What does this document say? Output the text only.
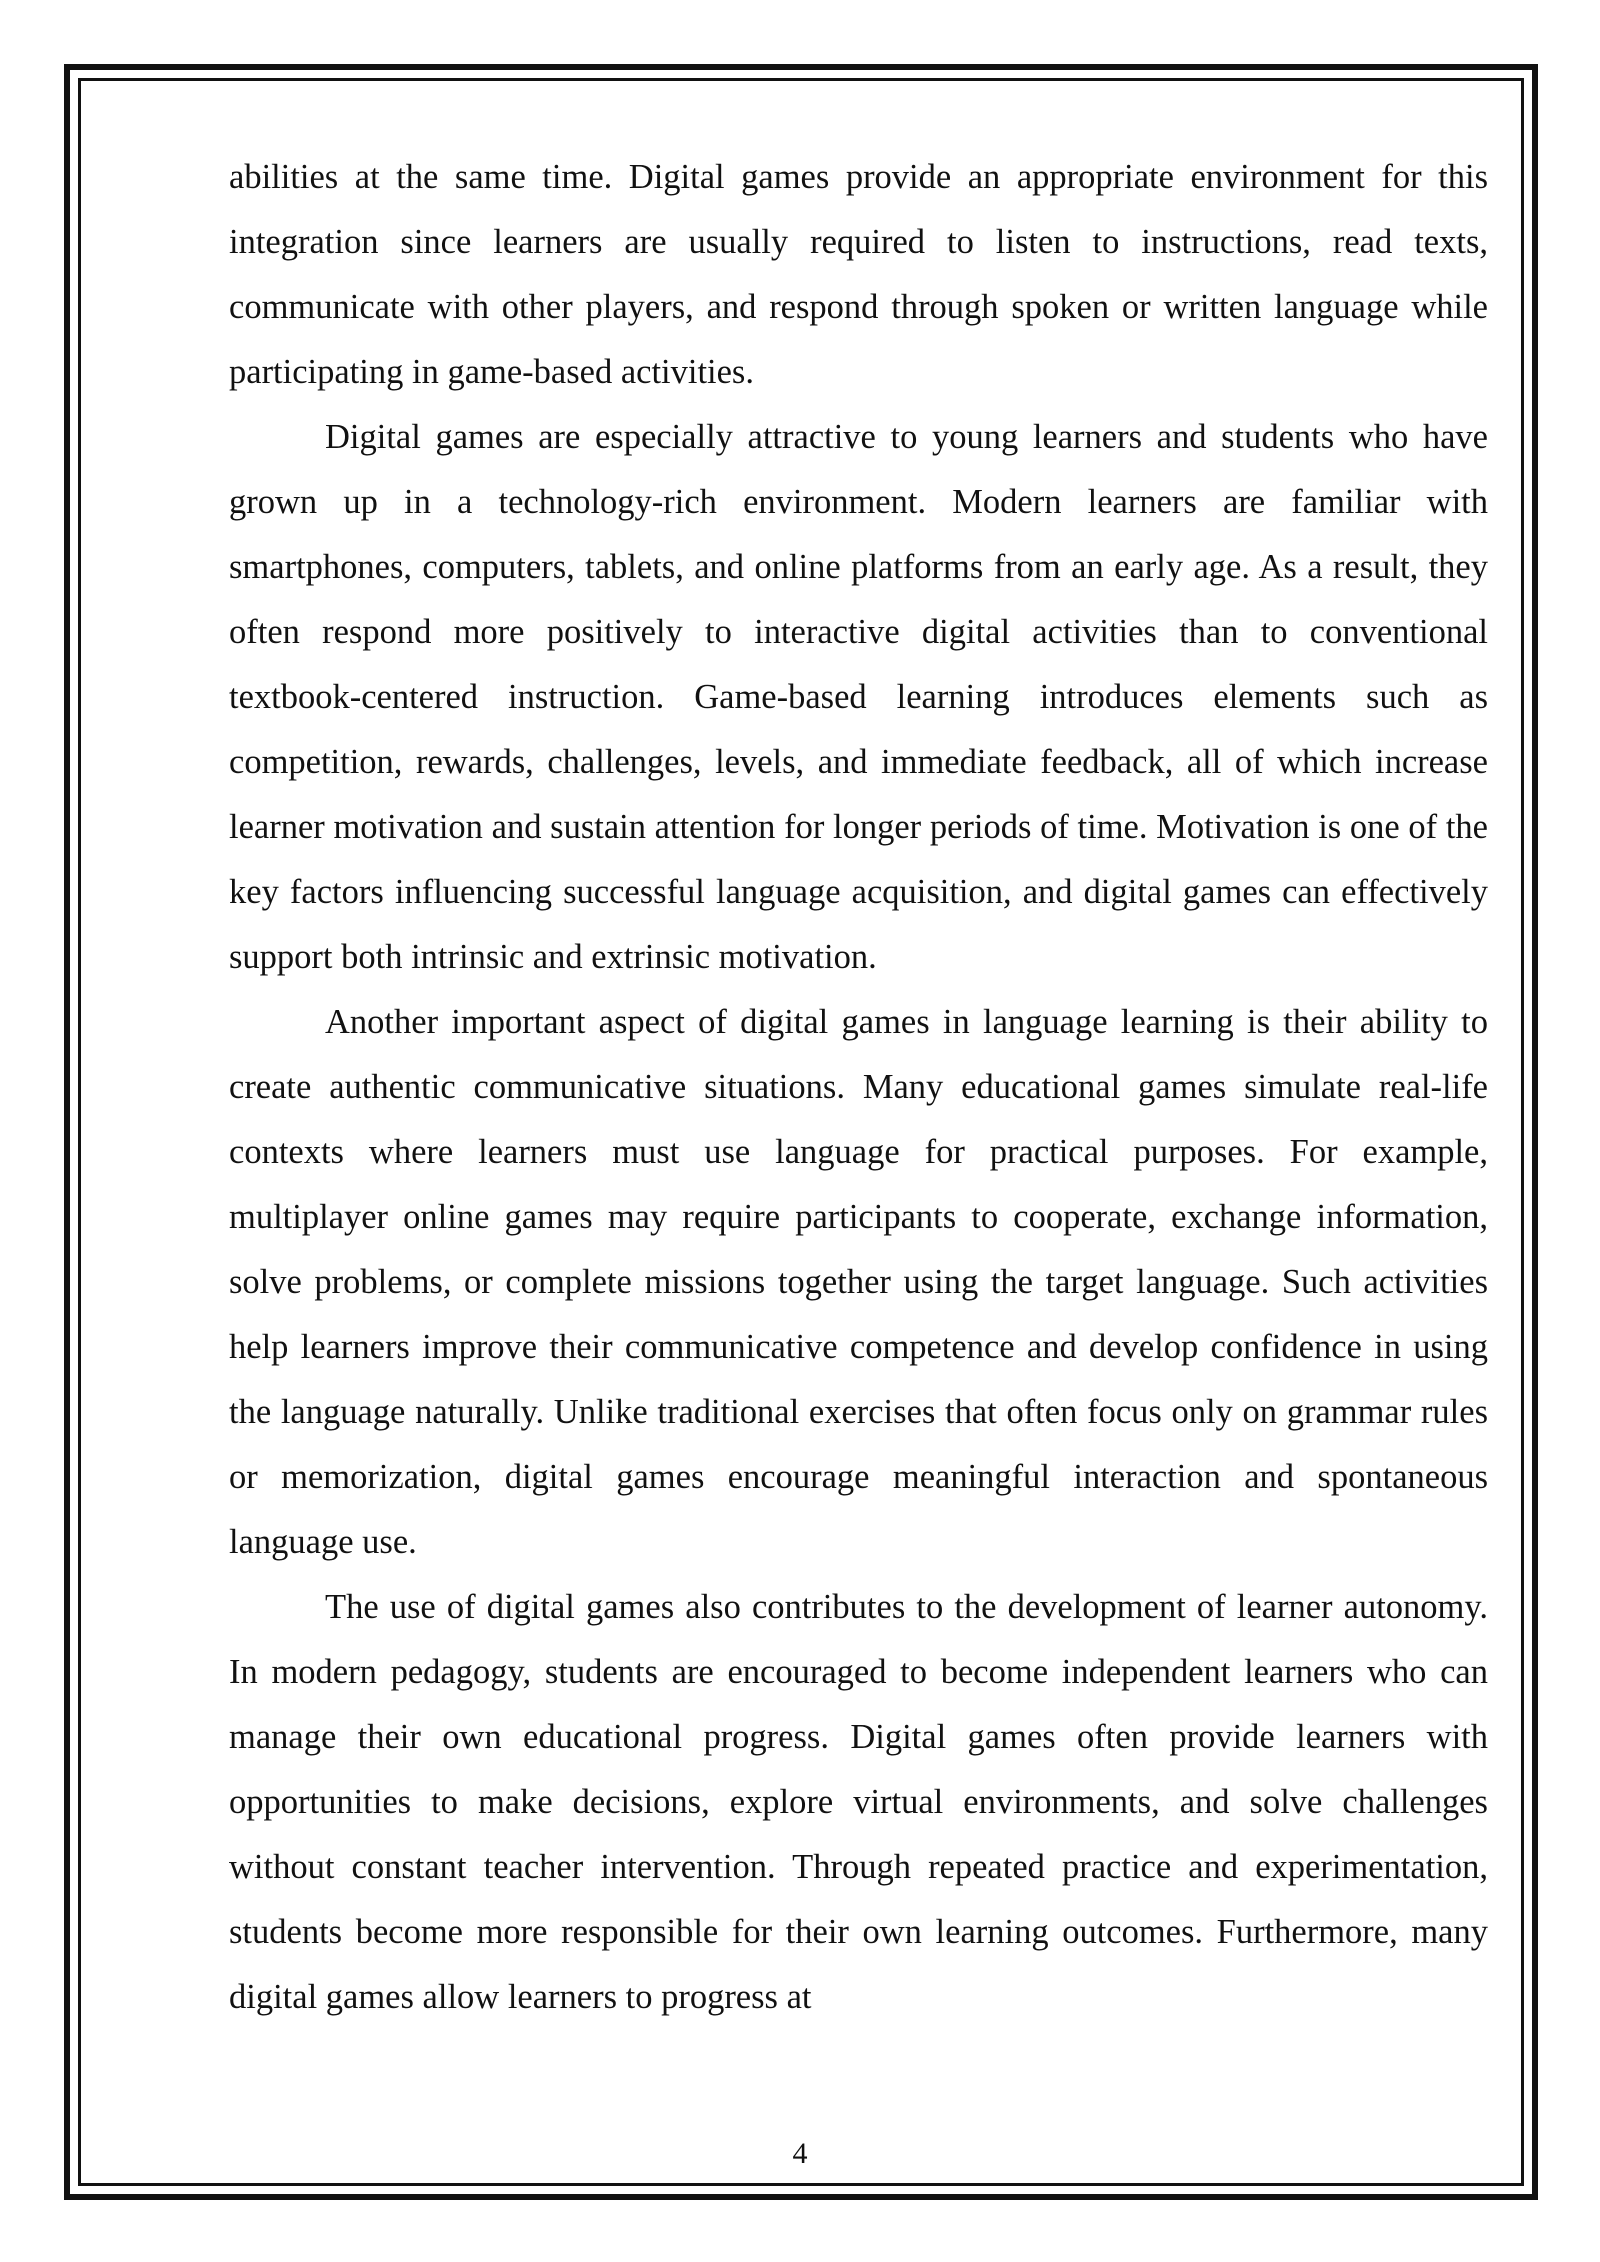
abilities at the same time. Digital games provide an appropriate environment for this integration since learners are usually required to listen to instructions, read texts, communicate with other players, and respond through spoken or written language while participating in game-based activities.

Digital games are especially attractive to young learners and students who have grown up in a technology-rich environment. Modern learners are familiar with smartphones, computers, tablets, and online platforms from an early age. As a result, they often respond more positively to interactive digital activities than to conventional textbook-centered instruction. Game-based learning introduces elements such as competition, rewards, challenges, levels, and immediate feedback, all of which increase learner motivation and sustain attention for longer periods of time. Motivation is one of the key factors influencing successful language acquisition, and digital games can effectively support both intrinsic and extrinsic motivation.

Another important aspect of digital games in language learning is their ability to create authentic communicative situations. Many educational games simulate real-life contexts where learners must use language for practical purposes. For example, multiplayer online games may require participants to cooperate, exchange information, solve problems, or complete missions together using the target language. Such activities help learners improve their communicative competence and develop confidence in using the language naturally. Unlike traditional exercises that often focus only on grammar rules or memorization, digital games encourage meaningful interaction and spontaneous language use.

The use of digital games also contributes to the development of learner autonomy. In modern pedagogy, students are encouraged to become independent learners who can manage their own educational progress. Digital games often provide learners with opportunities to make decisions, explore virtual environments, and solve challenges without constant teacher intervention. Through repeated practice and experimentation, students become more responsible for their own learning outcomes. Furthermore, many digital games allow learners to progress at

4
